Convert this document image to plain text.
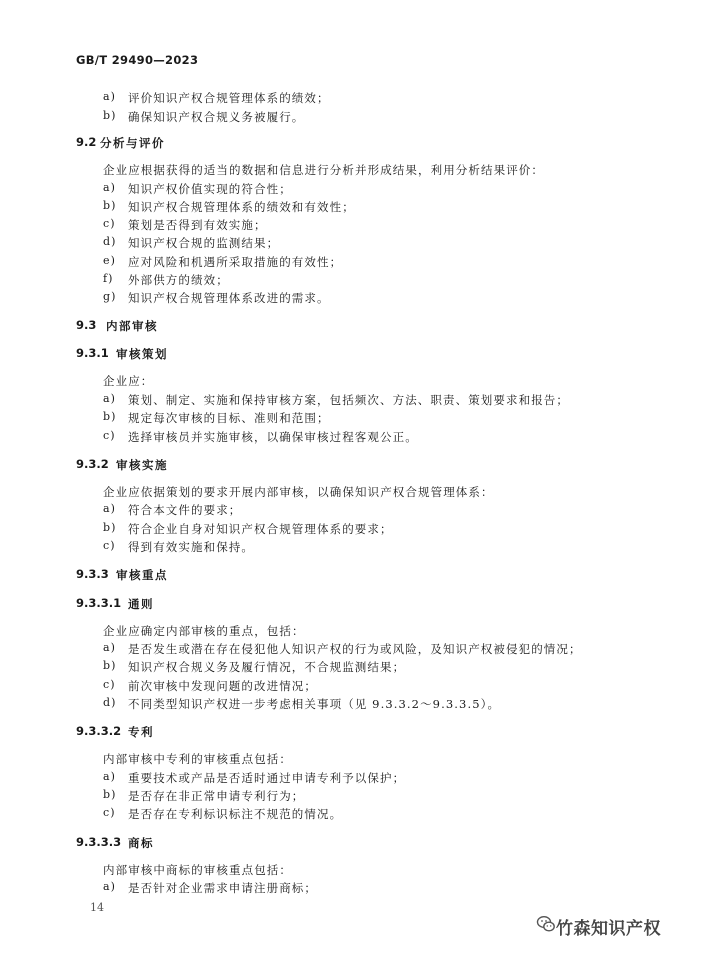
GB/T 29490—2023
a) 评价知识产权合规管理体系的绩效；
b) 确保知识产权合规义务被履行。
9.2 分析与评价
企业应根据获得的适当的数据和信息进行分析并形成结果，利用分析结果评价：
a) 知识产权价值实现的符合性；
b) 知识产权合规管理体系的绩效和有效性；
c) 策划是否得到有效实施；
d) 知识产权合规的监测结果；
e) 应对风险和机遇所采取措施的有效性；
f) 外部供方的绩效；
g) 知识产权合规管理体系改进的需求。
9.3 内部审核
9.3.1 审核策划
企业应：
a) 策划、制定、实施和保持审核方案，包括频次、方法、职责、策划要求和报告；
b) 规定每次审核的目标、准则和范围；
c) 选择审核员并实施审核，以确保审核过程客观公正。
9.3.2 审核实施
企业应依据策划的要求开展内部审核，以确保知识产权合规管理体系：
a) 符合本文件的要求；
b) 符合企业自身对知识产权合规管理体系的要求；
c) 得到有效实施和保持。
9.3.3 审核重点
9.3.3.1 通则
企业应确定内部审核的重点，包括：
a) 是否发生或潜在存在侵犯他人知识产权的行为或风险，及知识产权被侵犯的情况；
b) 知识产权合规义务及履行情况，不合规监测结果；
c) 前次审核中发现问题的改进情况；
d) 不同类型知识产权进一步考虑相关事项（见 9.3.3.2～9.3.3.5）。
9.3.3.2 专利
内部审核中专利的审核重点包括：
a) 重要技术或产品是否适时通过申请专利予以保护；
b) 是否存在非正常申请专利行为；
c) 是否存在专利标识标注不规范的情况。
9.3.3.3 商标
内部审核中商标的审核重点包括：
a) 是否针对企业需求申请注册商标；
14
竹森知识产权
